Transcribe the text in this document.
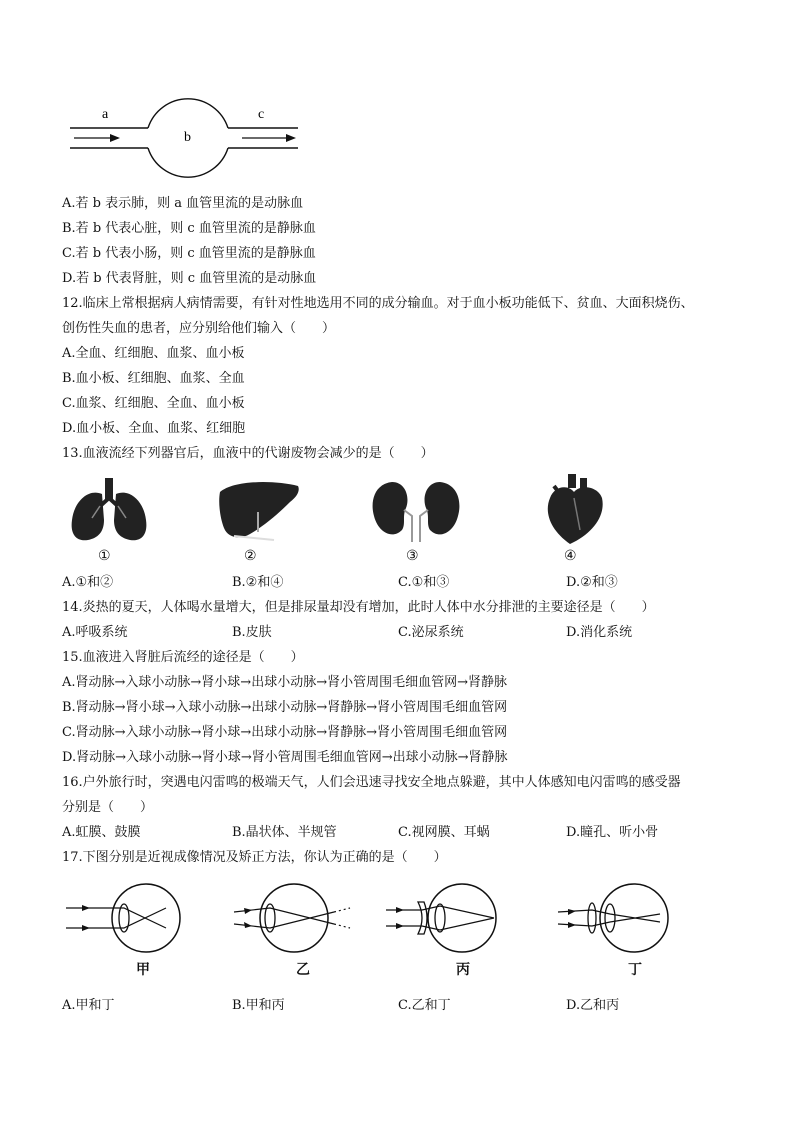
a
b
c
A.若 b 表示肺，则 a 血管里流的是动脉血
B.若 b 代表心脏，则 c 血管里流的是静脉血
C.若 b 代表小肠，则 c 血管里流的是静脉血
D.若 b 代表肾脏，则 c 血管里流的是动脉血
12.临床上常根据病人病情需要，有针对性地选用不同的成分输血。对于血小板功能低下、贫血、大面积烧伤、
创伤性失血的患者，应分别给他们输入（　　）
A.全血、红细胞、血浆、血小板
B.血小板、红细胞、血浆、全血
C.血浆、红细胞、全血、血小板
D.血小板、全血、血浆、红细胞
13.血液流经下列器官后，血液中的代谢废物会减少的是（　　）
①	②	③	④
A.①和②	B.②和④	C.①和③	D.②和③
14.炎热的夏天，人体喝水量增大，但是排尿量却没有增加，此时人体中水分排泄的主要途径是（　　）
A.呼吸系统	B.皮肤	C.泌尿系统	D.消化系统
15.血液进入肾脏后流经的途径是（　　）
A.肾动脉→入球小动脉→肾小球→出球小动脉→肾小管周围毛细血管网→肾静脉
B.肾动脉→肾小球→入球小动脉→出球小动脉→肾静脉→肾小管周围毛细血管网
C.肾动脉→入球小动脉→肾小球→出球小动脉→肾静脉→肾小管周围毛细血管网
D.肾动脉→入球小动脉→肾小球→肾小管周围毛细血管网→出球小动脉→肾静脉
16.户外旅行时，突遇电闪雷鸣的极端天气，人们会迅速寻找安全地点躲避，其中人体感知电闪雷鸣的感受器
分别是（　　）
A.虹膜、鼓膜	B.晶状体、半规管	C.视网膜、耳蜗	D.瞳孔、听小骨
17.下图分别是近视成像情况及矫正方法，你认为正确的是（　　）
甲	乙	丙	丁
A.甲和丁	B.甲和丙	C.乙和丁	D.乙和丙
